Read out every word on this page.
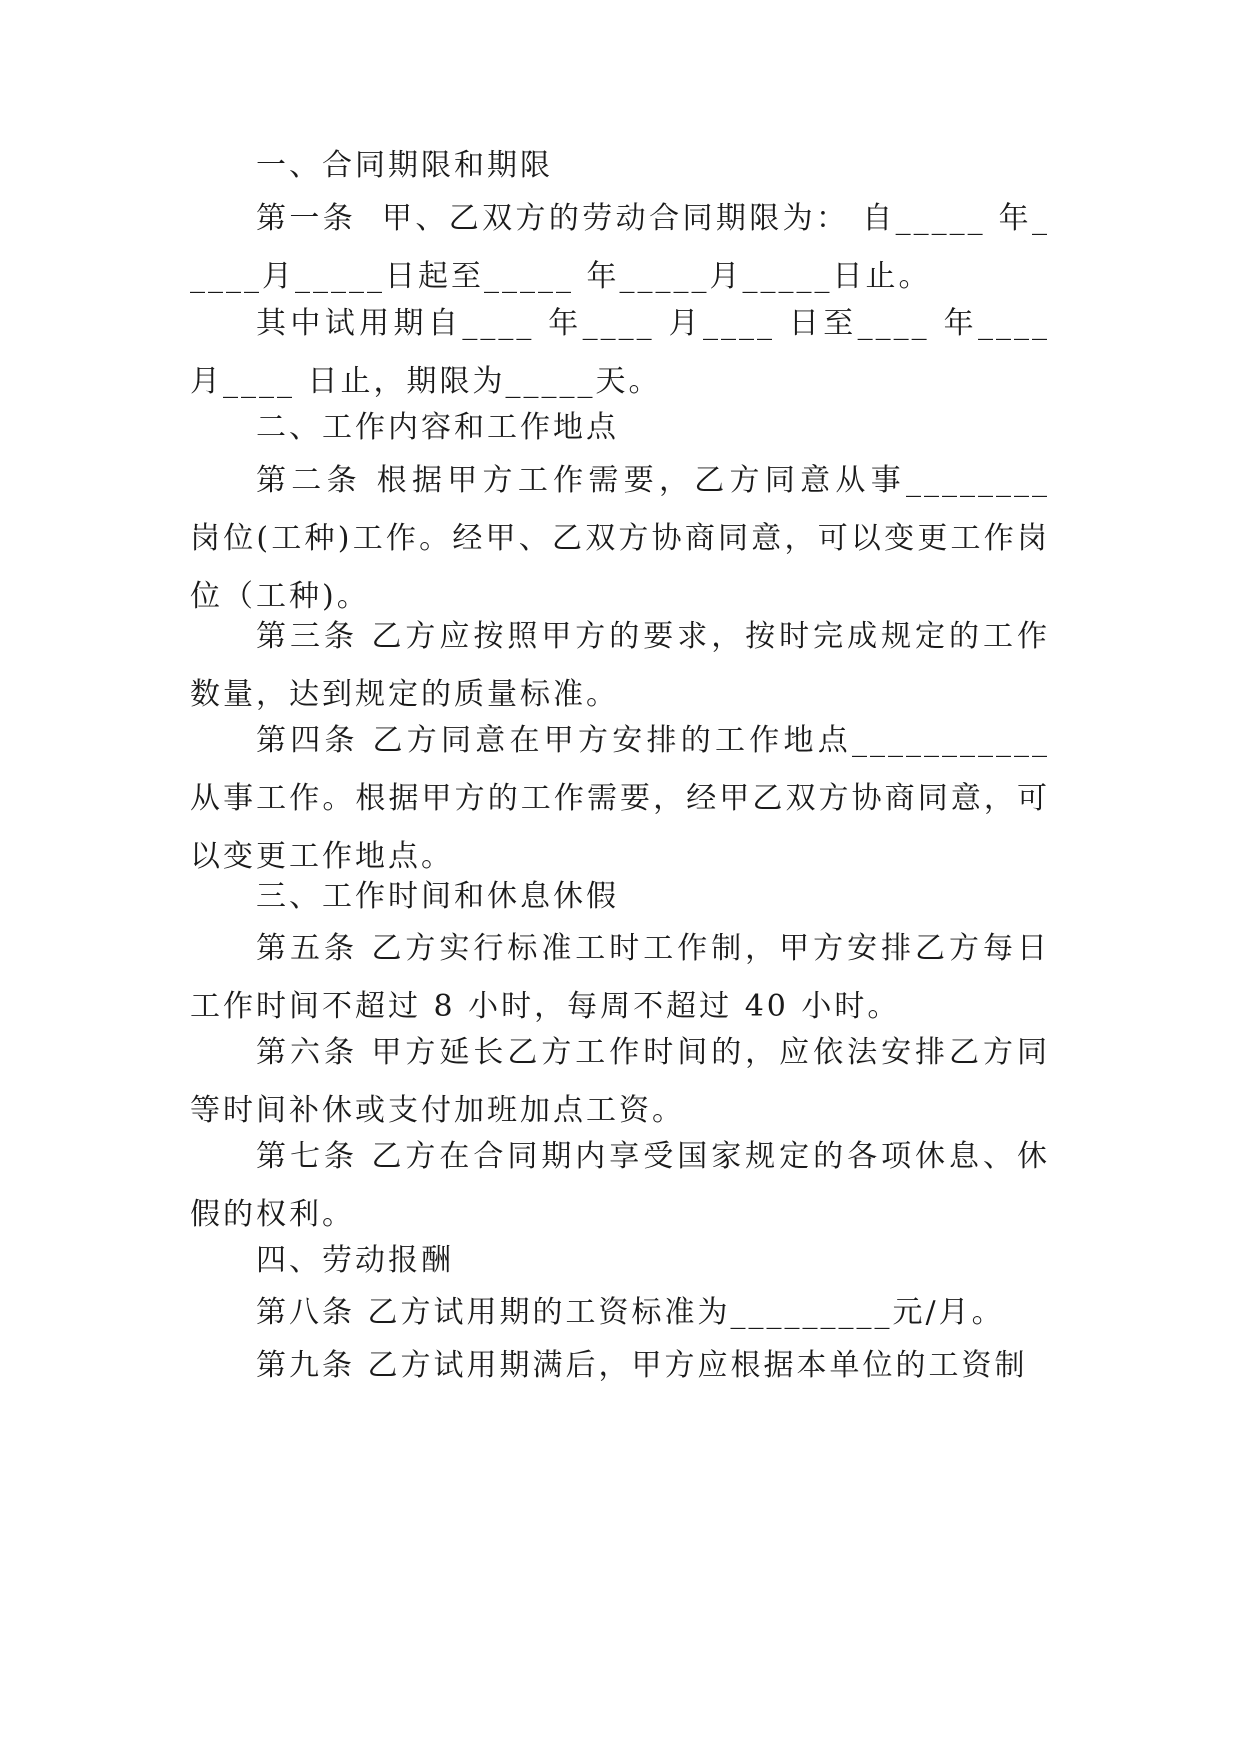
一、合同期限和期限

第一条  甲、乙双方的劳动合同期限为： 自_____ 年_____月_____日起至_____ 年_____月_____日止。

其中试用期自____ 年____ 月____ 日至____ 年____月____ 日止，期限为_____天。

二、工作内容和工作地点

第二条 根据甲方工作需要，乙方同意从事________ 岗位(工种)工作。经甲、乙双方协商同意，可以变更工作岗位（工种)。

第三条 乙方应按照甲方的要求，按时完成规定的工作数量，达到规定的质量标准。

第四条 乙方同意在甲方安排的工作地点___________从事工作。根据甲方的工作需要，经甲乙双方协商同意，可以变更工作地点。

三、工作时间和休息休假

第五条 乙方实行标准工时工作制，甲方安排乙方每日工作时间不超过 8 小时，每周不超过 40 小时。

第六条 甲方延长乙方工作时间的，应依法安排乙方同等时间补休或支付加班加点工资。

第七条 乙方在合同期内享受国家规定的各项休息、休假的权利。

四、劳动报酬

第八条 乙方试用期的工资标准为_________元/月。

第九条 乙方试用期满后，甲方应根据本单位的工资制
